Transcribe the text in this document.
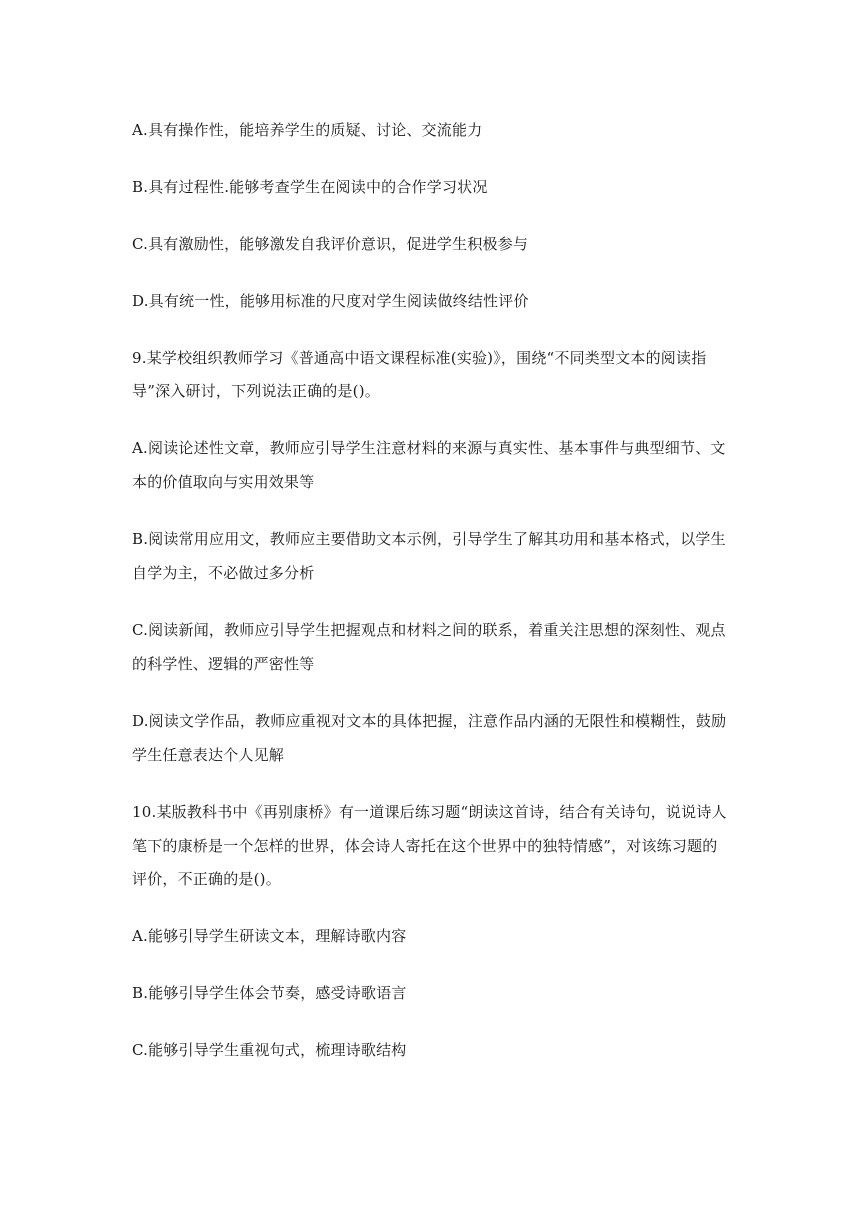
A.具有操作性，能培养学生的质疑、讨论、交流能力
B.具有过程性.能够考查学生在阅读中的合作学习状况
C.具有激励性，能够激发自我评价意识，促进学生积极参与
D.具有统一性，能够用标准的尺度对学生阅读做终结性评价
9.某学校组织教师学习《普通高中语文课程标准(实验)》，围绕“不同类型文本的阅读指
导”深入研讨，下列说法正确的是()。
A.阅读论述性文章，教师应引导学生注意材料的来源与真实性、基本事件与典型细节、文
本的价值取向与实用效果等
B.阅读常用应用文，教师应主要借助文本示例，引导学生了解其功用和基本格式，以学生
自学为主，不必做过多分析
C.阅读新闻，教师应引导学生把握观点和材料之间的联系，着重关注思想的深刻性、观点
的科学性、逻辑的严密性等
D.阅读文学作品，教师应重视对文本的具体把握，注意作品内涵的无限性和模糊性，鼓励
学生任意表达个人见解
10.某版教科书中《再别康桥》有一道课后练习题“朗读这首诗，结合有关诗句，说说诗人
笔下的康桥是一个怎样的世界，体会诗人寄托在这个世界中的独特情感”，对该练习题的
评价，不正确的是()。
A.能够引导学生研读文本，理解诗歌内容
B.能够引导学生体会节奏，感受诗歌语言
C.能够引导学生重视句式，梳理诗歌结构
